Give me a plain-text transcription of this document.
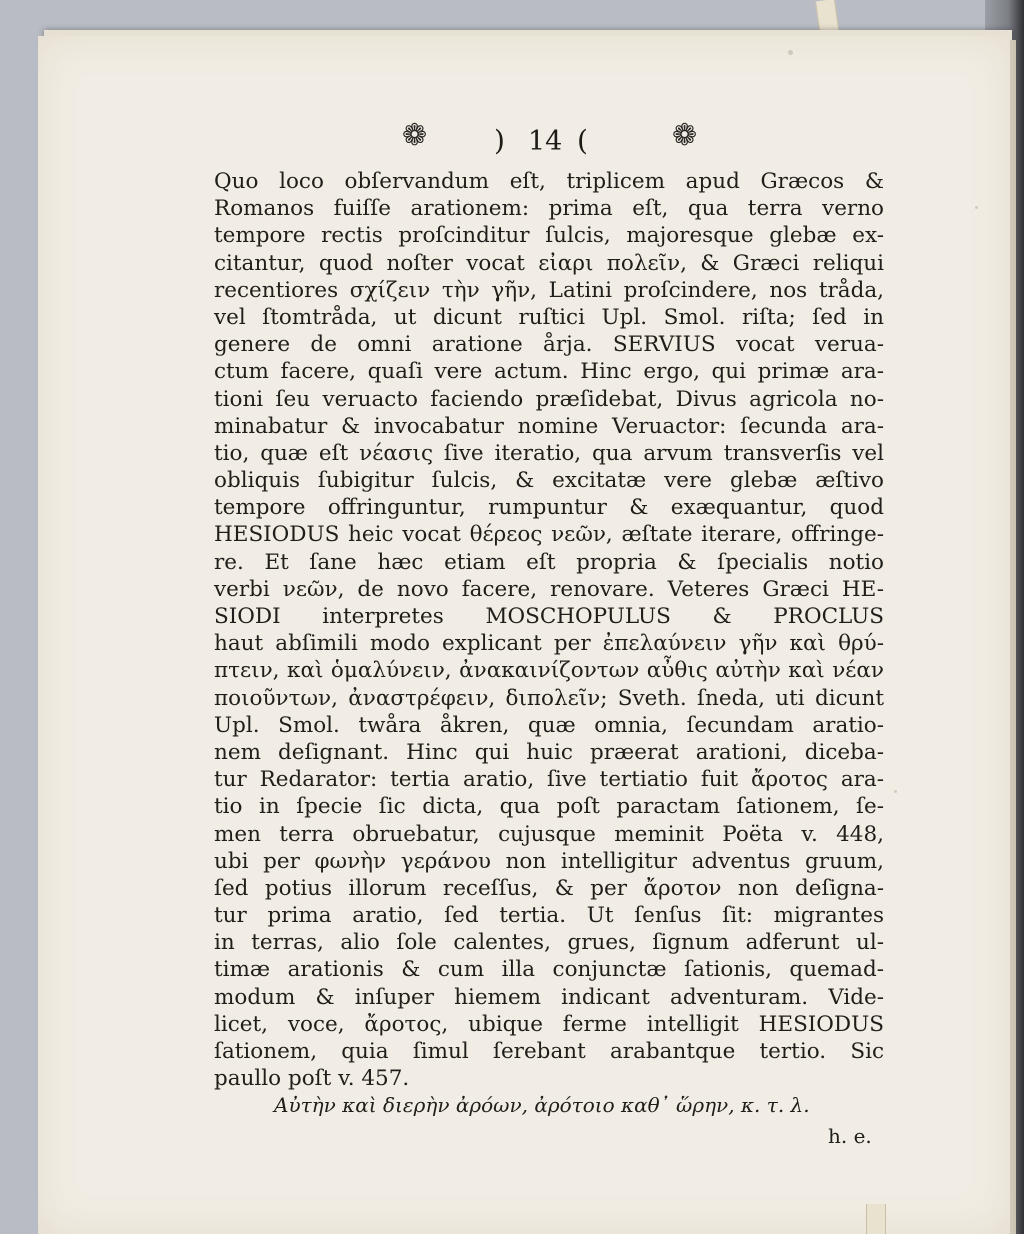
❁ ) 14 (	❁
Quo loco obſervandum eſt, triplicem apud Græcos &
Romanos fuiſſe arationem: prima eſt, qua terra verno
tempore rectis proſcinditur ſulcis, majoresque glebæ ex-
citantur, quod noſter vocat εἰαρι πολεῖν, & Græci reliqui
recentiores σχίζειν τὴν γῆν, Latini proſcindere, nos tråda,
vel ſtomtråda, ut dicunt ruſtici Upl. Smol. riſta; ſed in
genere de omni aratione årja. SERVIUS vocat verua-
ctum facere, quaſi vere actum. Hinc ergo, qui primæ ara-
tioni ſeu veruacto faciendo præſidebat, Divus agricola no-
minabatur & invocabatur nomine Veruactor: ſecunda ara-
tio, quæ eſt νέασις ſive iteratio, qua arvum transverſis vel
obliquis ſubigitur ſulcis, & excitatæ vere glebæ æſtivo
tempore offringuntur, rumpuntur & exæquantur, quod
HESIODUS heic vocat θέρεος νεῶν, æſtate iterare, offringe-
re. Et ſane hæc etiam eſt propria & ſpecialis notio
verbi νεῶν, de novo facere, renovare. Veteres Græci HE-
SIODI interpretes MOSCHOPULUS & PROCLUS
haut abſimili modo explicant per ἐπελαύνειν γῆν καὶ θρύ-
πτειν, καὶ ὁμαλύνειν, ἀνακαινίζοντων αὖθις αὐτὴν καὶ νέαν
ποιοῦντων, ἀναστρέφειν, διπολεῖν; Sveth. ſneda, uti dicunt
Upl. Smol. twåra åkren, quæ omnia, ſecundam aratio-
nem deſignant. Hinc qui huic præerat arationi, diceba-
tur Redarator: tertia aratio, ſive tertiatio fuit ἄροτος ara-
tio in ſpecie ſic dicta, qua poſt paractam ſationem, ſe-
men terra obruebatur, cujusque meminit Poëta v. 448,
ubi per φωνὴν γεράνου non intelligitur adventus gruum,
ſed potius illorum receſſus, & per ἄροτον non deſigna-
tur prima aratio, ſed tertia. Ut ſenſus ſit: migrantes
in terras, alio ſole calentes, grues, ſignum adferunt ul-
timæ arationis & cum illa conjunctæ ſationis, quemad-
modum & inſuper hiemem indicant adventuram. Vide-
licet, voce, ἄροτος, ubique ferme intelligit HESIODUS
ſationem, quia ſimul ſerebant arabantque tertio. Sic
paullo poſt v. 457.
Αὐτὴν καὶ διερὴν ἀρόων, ἀρότοιο καθ᾽ ὥρην, κ. τ. λ.
h. e.
